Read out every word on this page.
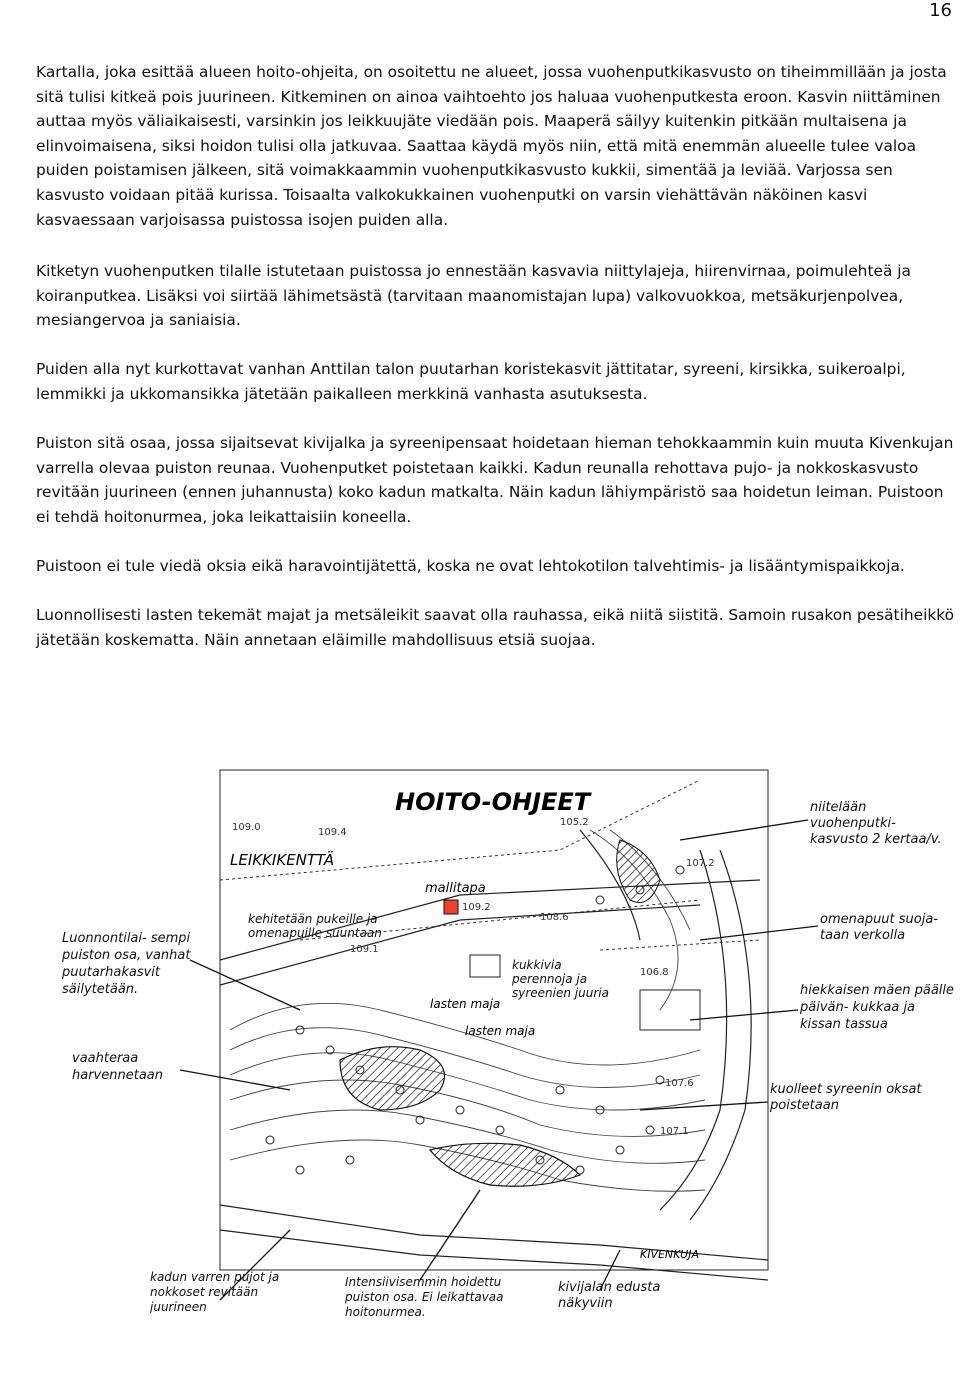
16

Kartalla, joka esittää alueen hoito-ohjeita, on osoitettu ne alueet, jossa vuohenputkikasvusto on tiheimmillään ja josta sitä tulisi kitkeä pois juurineen. Kitkeminen on ainoa vaihtoehto jos haluaa vuohenputkesta eroon. Kasvin niittäminen auttaa myös väliaikaisesti, varsinkin jos leikkuujäte viedään pois. Maaperä säilyy kuitenkin pitkään multaisena ja elinvoimaisena, siksi hoidon tulisi olla jatkuvaa. Saattaa käydä myös niin, että mitä enemmän alueelle tulee valoa puiden poistamisen jälkeen, sitä voimakkaammin vuohenputkikasvusto kukkii, simentää ja leviää. Varjossa sen kasvusto voidaan pitää kurissa. Toisaalta valkokukkainen vuohenputki on varsin viehättävän näköinen kasvi kasvaessaan varjoisassa puistossa isojen puiden alla.

Kitketyn vuohenputken tilalle istutetaan puistossa jo ennestään kasvavia niittylajeja, hiirenvirnaa, poimulehteä ja koiranputkea. Lisäksi voi siirtää lähimetsästä (tarvitaan maanomistajan lupa) valkovuokkoa, metsäkurjenpolvea, mesiangervoa ja saniaisia.

Puiden alla nyt kurkottavat vanhan Anttilan talon puutarhan koristekasvit jättitatar, syreeni, kirsikka, suikeroalpi, lemmikki ja ukkomansikka jätetään paikalleen merkkinä vanhasta asutuksesta.

Puiston sitä osaa, jossa sijaitsevat kivijalka ja syreenipensaat hoidetaan hieman tehokkaammin kuin muuta Kivenkujan varrella olevaa puiston reunaa. Vuohenputket poistetaan kaikki. Kadun reunalla rehottava pujo- ja nokkoskasvusto revitään juurineen (ennen juhannusta) koko kadun matkalta. Näin kadun lähiympäristö saa hoidetun leiman. Puistoon ei tehdä hoitonurmea, joka leikattaisiin koneella.

Puistoon ei tule viedä oksia eikä haravointijätettä, koska ne ovat lehtokotilon talvehtimis- ja lisääntymispaikkoja.

Luonnollisesti lasten tekemät majat ja metsäleikit saavat olla rauhassa, eikä niitä siistitä. Samoin rusakon pesätiheikkö jätetään koskematta. Näin annetaan eläimille mahdollisuus etsiä suojaa.

HOITO-OHJEET
LEIKKIKENTTÄ
KIVENKUJA
mallitapa
lasten maja
lasten maja
kehitetään pukeille ja omenapuille suuntaan
kukkivia perennoja ja syreenien juuria
niitelään vuohenputki- kasvusto 2 kertaa/v.
omenapuut suoja- taan verkolla
hiekkaisen mäen päälle päivän- kukkaa ja kissan tassua
kuolleet syreenin oksat poistetaan
Luonnontilai- sempi puiston osa, vanhat puutarhakasvit säilytetään.
vaahteraa harvennetaan
kadun varren pujot ja nokkoset revitään juurineen
Intensiivisemmin hoidettu puiston osa. Ei leikattavaa hoitonurmea.
kivijalan edusta näkyviin
109.0
109.1
109.2
109.4
108.6
107.6
107.1
107.2
105.2
106.8
